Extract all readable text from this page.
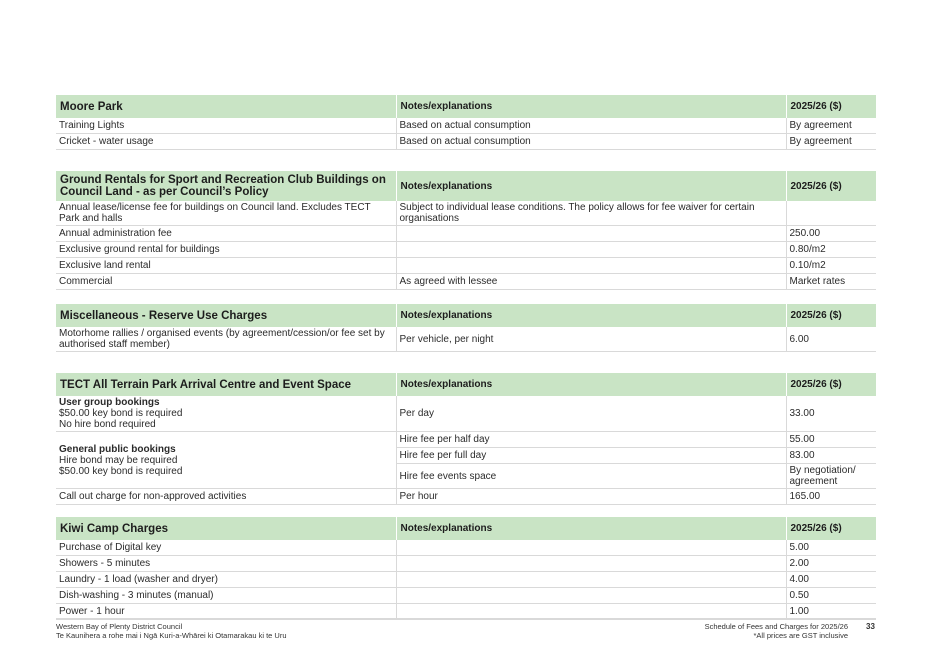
Moore Park	Notes/explanations	2025/26 ($)
Training Lights	Based on actual consumption	By agreement
Cricket - water usage	Based on actual consumption	By agreement
Ground Rentals for Sport and Recreation Club Buildings on Council Land - as per Council’s Policy	Notes/explanations	2025/26 ($)
Annual lease/license fee for buildings on Council land. Excludes TECT Park and halls	Subject to individual lease conditions. The policy allows for fee waiver for certain organisations	
Annual administration fee		250.00
Exclusive ground rental for buildings		0.80/m2
Exclusive land rental		0.10/m2
Commercial	As agreed with lessee	Market rates
Miscellaneous - Reserve Use Charges	Notes/explanations	2025/26 ($)
Motorhome rallies / organised events (by agreement/cession/or fee set by authorised staff member)	Per vehicle, per night	6.00
TECT All Terrain Park Arrival Centre and Event Space	Notes/explanations	2025/26 ($)

User group bookings
$50.00 key bond is required
No hire bond required	Per day	33.00

General public bookings
Hire bond may be required
$50.00 key bond is required	Hire fee per half day	55.00
	Hire fee per full day	83.00
	Hire fee events space	By negotiation/ agreement
Call out charge for non-approved activities	Per hour	165.00
Kiwi Camp Charges	Notes/explanations	2025/26 ($)
Purchase of Digital key		5.00
Showers - 5 minutes		2.00
Laundry - 1 load (washer and dryer)		4.00
Dish-washing - 3 minutes (manual)		0.50
Power - 1 hour		1.00
Western Bay of Plenty District Council
Te Kaunihera a rohe mai i Ngā Kuri-a-Whārei ki Otamarakau ki te Uru
Schedule of Fees and Charges for 2025/26
*All prices are GST inclusive
33
